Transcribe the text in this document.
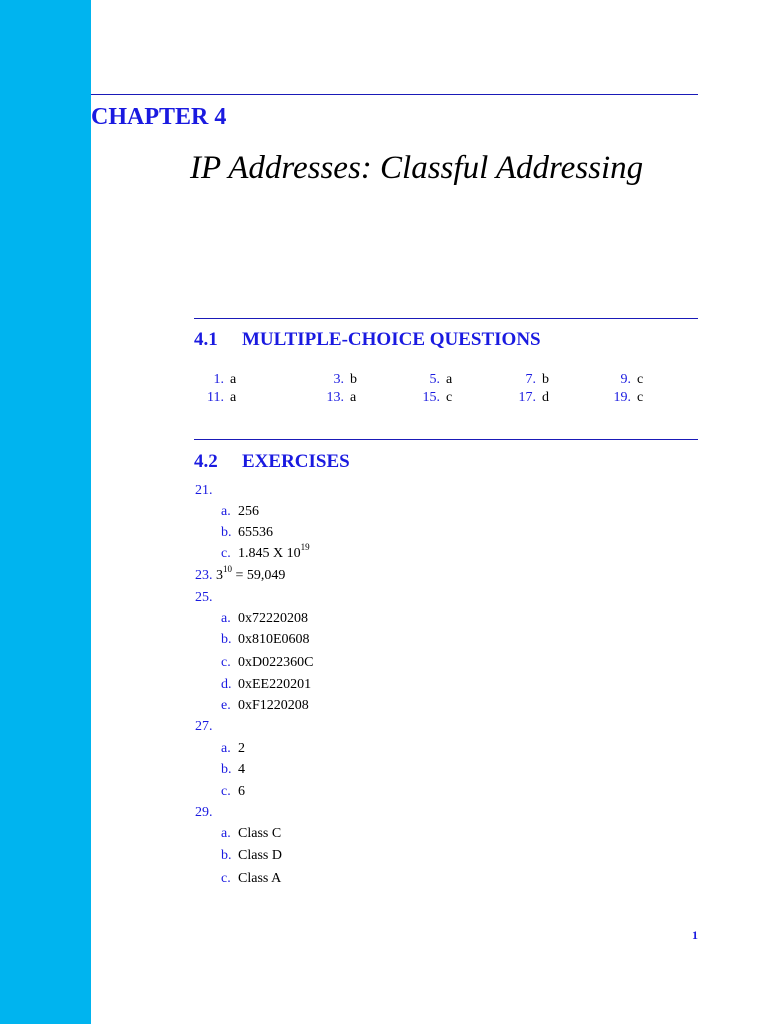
CHAPTER 4
IP Addresses: Classful Addressing
4.1 MULTIPLE-CHOICE QUESTIONS
1. a	3. b	5. a	7. b	9. c
11. a	13. a	15. c	17. d	19. c
4.2 EXERCISES
21.
a. 256
b. 65536
c. 1.845 X $10^{19}$
23. $3^{10} = 59,049$
25.
a. 0x72220208
b. 0x810E0608
c. 0xD022360C
d. 0xEE220201
e. 0xF1220208
27.
a. 2
b. 4
c. 6
29.
a. Class C
b. Class D
c. Class A
1
